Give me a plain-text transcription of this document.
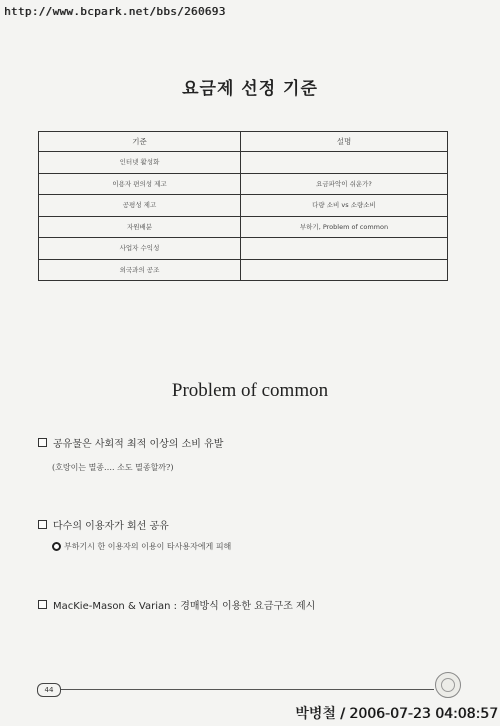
http://www.bcpark.net/bbs/260693
요금제 선정 기준
기준	설명
인터넷 활성화	
이용자 편의성 제고	요금파악이 쉬운가?
공평성 제고	다량 소비 vs 소량소비
자원배분	부하기, Problem of common
사업자 수익성	
외국과의 공조	
Problem of common
공유물은 사회적 최적 이상의 소비 유발
(호랑이는 멸종…. 소도 멸종할까?)
다수의 이용자가 회선 공유
부하기시 한 이용자의 이용이 타사용자에게 피해
MacKie-Mason & Varian : 경매방식 이용한 요금구조 제시
44
박병철 / 2006-07-23 04:08:57
